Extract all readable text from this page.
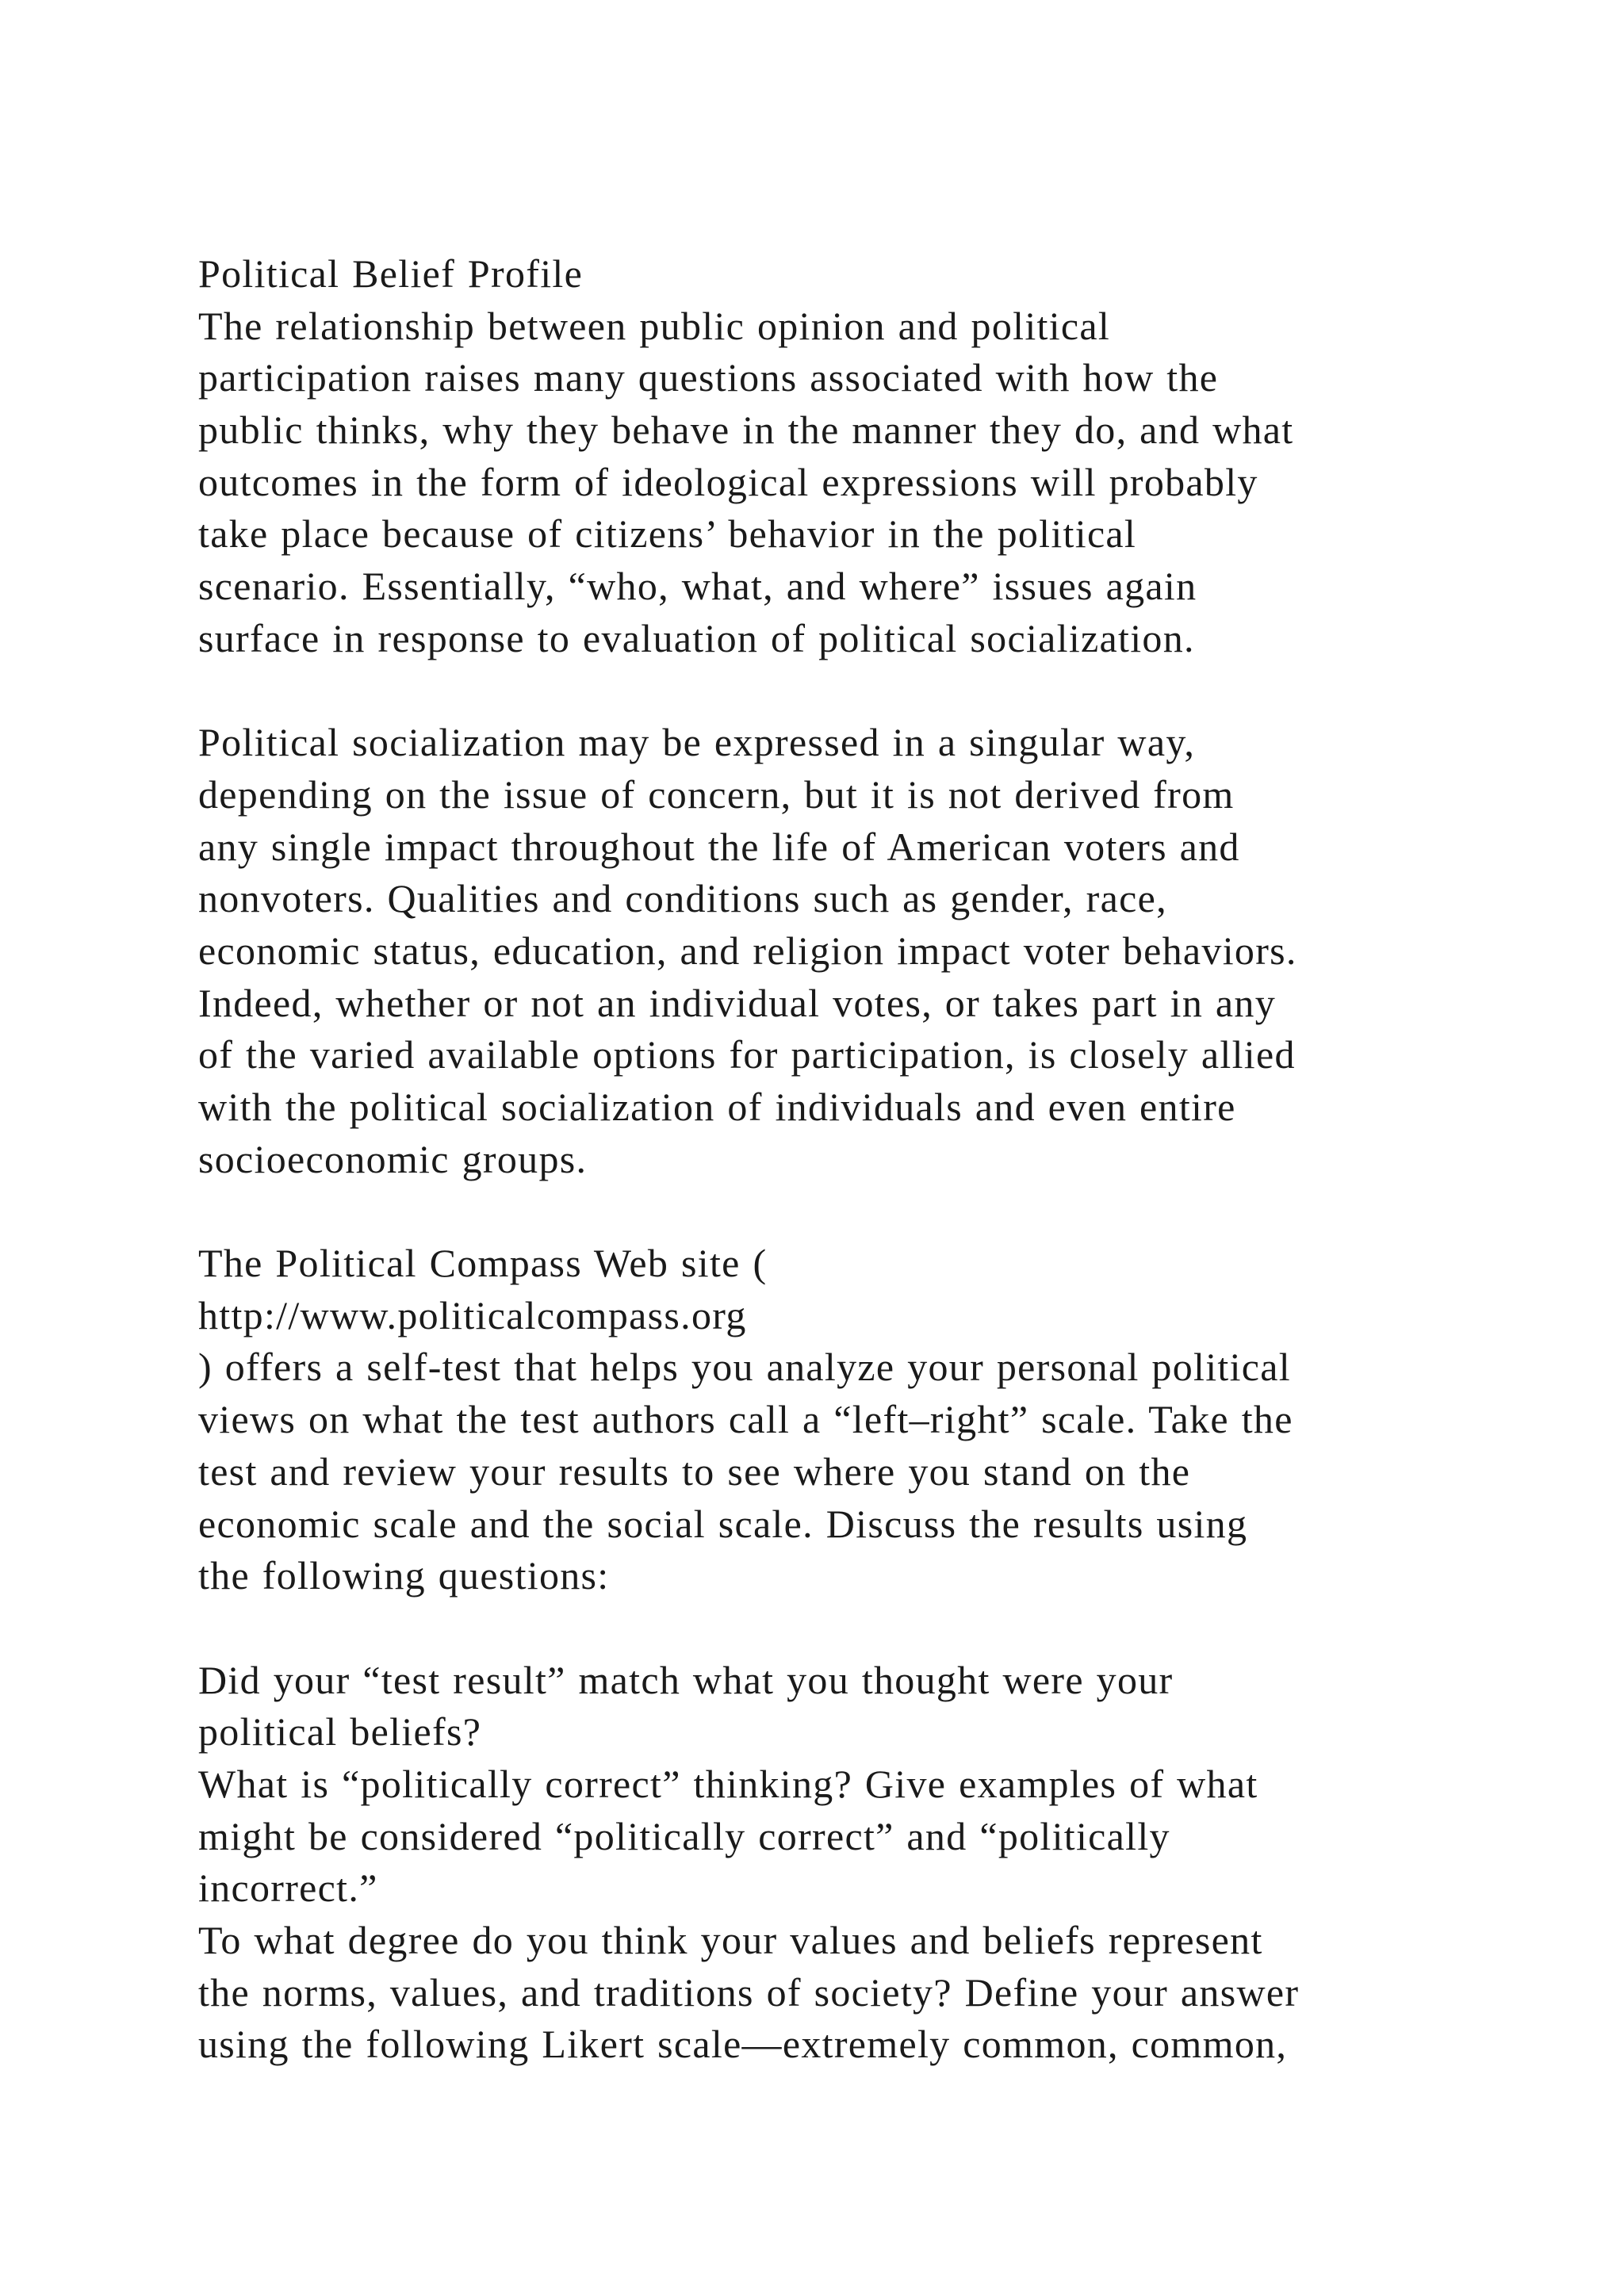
Political Belief Profile
The relationship between public opinion and political
participation raises many questions associated with how the
public thinks, why they behave in the manner they do, and what
outcomes in the form of ideological expressions will probably
take place because of citizens’ behavior in the political
scenario. Essentially, “who, what, and where” issues again
surface in response to evaluation of political socialization.
Political socialization may be expressed in a singular way,
depending on the issue of concern, but it is not derived from
any single impact throughout the life of American voters and
nonvoters. Qualities and conditions such as gender, race,
economic status, education, and religion impact voter behaviors.
Indeed, whether or not an individual votes, or takes part in any
of the varied available options for participation, is closely allied
with the political socialization of individuals and even entire
socioeconomic groups.
The Political Compass Web site (
http://www.politicalcompass.org
) offers a self-test that helps you analyze your personal political
views on what the test authors call a “left–right” scale. Take the
test and review your results to see where you stand on the
economic scale and the social scale. Discuss the results using
the following questions:
Did your “test result” match what you thought were your
political beliefs?
What is “politically correct” thinking? Give examples of what
might be considered “politically correct” and “politically
incorrect.”
To what degree do you think your values and beliefs represent
the norms, values, and traditions of society? Define your answer
using the following Likert scale—extremely common, common,
